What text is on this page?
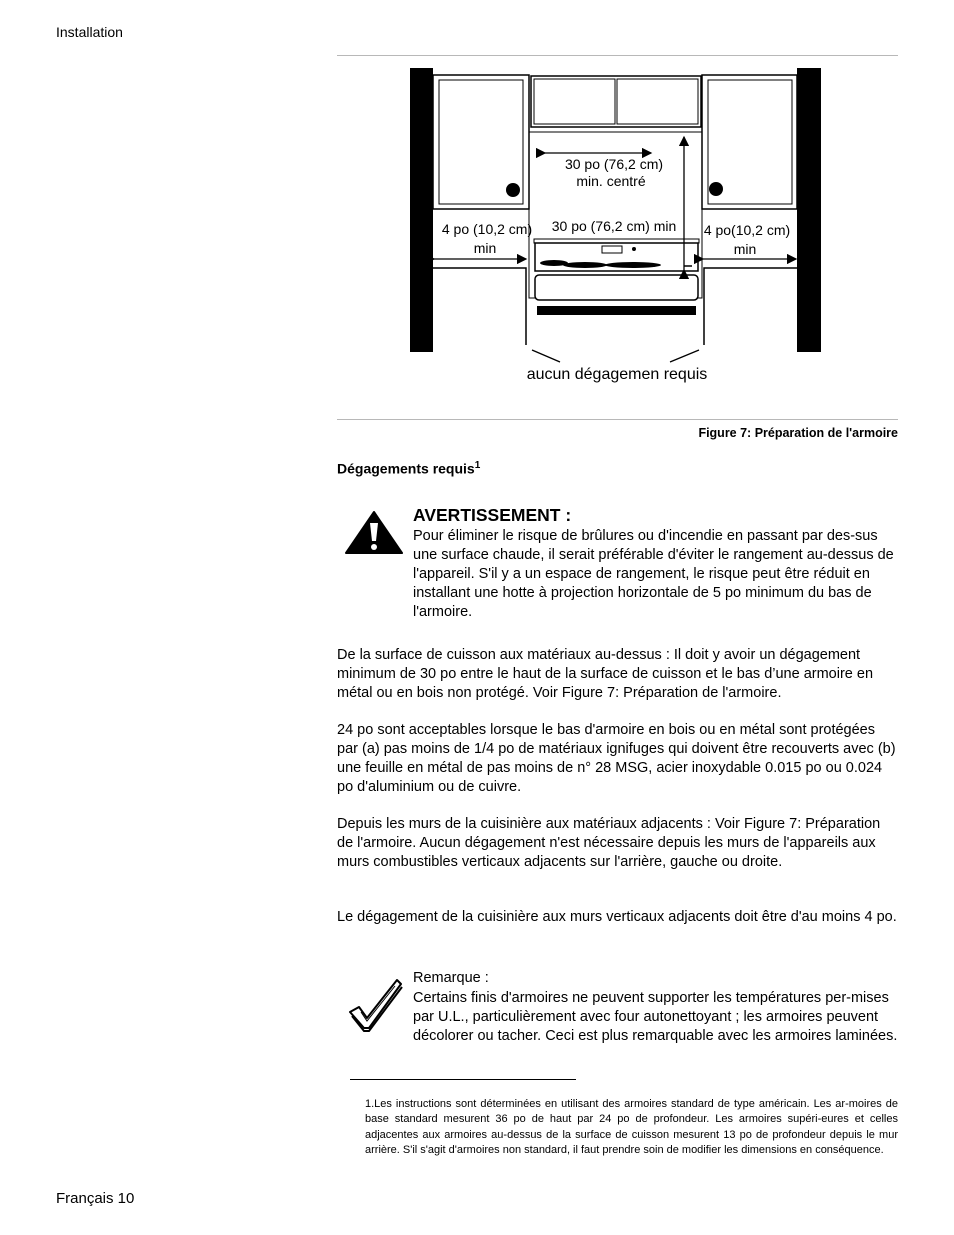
Installation
30 po (76,2 cm)
min. centré
4 po (10,2 cm)
min
30 po (76,2 cm) min 4 po(10,2 cm)
min
aucun dégagemen requis
Figure 7: Préparation de l'armoire
Dégagements requis$^1$
AVERTISSEMENT :
Pour éliminer le risque de brûlures ou d'incendie en passant par des-sus une surface chaude, il serait préférable d'éviter le rangement au-dessus de l'appareil. S'il y a un espace de rangement, le risque peut être réduit en installant une hotte à projection horizontale de 5 po minimum du bas de l'armoire.
De la surface de cuisson aux matériaux au-dessus : Il doit y avoir un dégagement minimum de 30 po entre le haut de la surface de cuisson et le bas d’une armoire en métal ou en bois non protégé. Voir Figure 7: Préparation de l'armoire.
24 po sont acceptables lorsque le bas d'armoire en bois ou en métal sont protégées par (a) pas moins de 1/4 po de matériaux ignifuges qui doivent être recouverts avec (b) une feuille en métal de pas moins de n° 28 MSG, acier inoxydable 0.015 po ou 0.024 po d'aluminium ou de cuivre.
Depuis les murs de la cuisinière aux matériaux adjacents : Voir Figure 7: Préparation de l'armoire. Aucun dégagement n'est nécessaire depuis les murs de l'appareils aux murs combustibles verticaux adjacents sur l'arrière, gauche ou droite.
Le dégagement de la cuisinière aux murs verticaux adjacents doit être d'au moins 4 po.
Remarque :
Certains finis d'armoires ne peuvent supporter les températures per-mises par U.L., particulièrement avec four autonettoyant ; les armoires peuvent décolorer ou tacher. Ceci est plus remarquable avec les armoires laminées.
1.Les instructions sont déterminées en utilisant des armoires standard de type américain. Les ar-moires de base standard mesurent 36 po de haut par 24 po de profondeur. Les armoires supéri-eures et celles adjacentes aux armoires au-dessus de la surface de cuisson mesurent 13 po de profondeur depuis le mur arrière. S'il s'agit d'armoires non standard, il faut prendre soin de modifier les dimensions en conséquence.
Français 10
